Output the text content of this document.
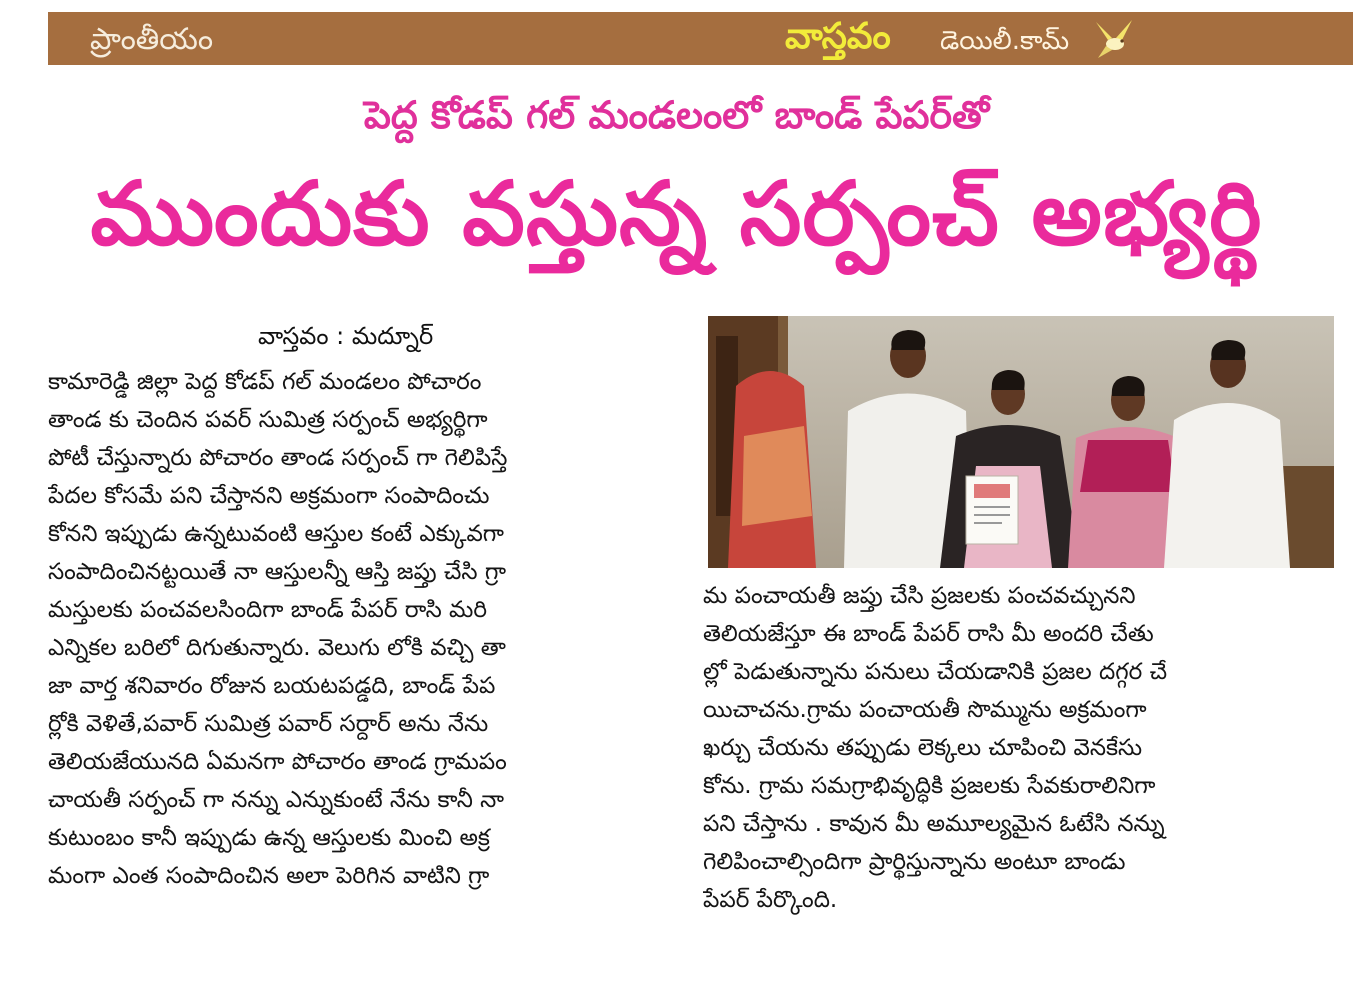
ప్రాంతీయం	వాస్తవం డెయిలీ.కామ్
పెద్ద కోడప్ గల్ మండలంలో బాండ్ పేపర్‌తో
ముందుకు వస్తున్న సర్పంచ్ అభ్యర్థి
వాస్తవం : మద్నూర్
కామారెడ్డి జిల్లా పెద్ద కోడప్ గల్ మండలం పోచారం
తాండ కు చెందిన పవర్ సుమిత్ర సర్పంచ్ అభ్యర్థిగా
పోటీ చేస్తున్నారు పోచారం తాండ సర్పంచ్ గా గెలిపిస్తే
పేదల కోసమే పని చేస్తానని అక్రమంగా సంపాదించు
కోనని ఇప్పుడు ఉన్నటువంటి ఆస్తుల కంటే ఎక్కువగా
సంపాదించినట్టయితే నా ఆస్తులన్నీ ఆస్తి జప్తు చేసి గ్రా
మస్తులకు పంచవలసిందిగా బాండ్ పేపర్ రాసి మరి
ఎన్నికల బరిలో దిగుతున్నారు. వెలుగు లోకి వచ్చి తా
జా వార్త శనివారం రోజున బయటపడ్డది, బాండ్ పేప
ర్లోకి వెళితే,పవార్ సుమిత్ర పవార్ సర్దార్ అను నేను
తెలియజేయునది ఏమనగా పోచారం తాండ గ్రామపం
చాయతీ సర్పంచ్ గా నన్ను ఎన్నుకుంటే నేను కానీ నా
కుటుంబం కానీ ఇప్పుడు ఉన్న ఆస్తులకు మించి అక్ర
మంగా ఎంత సంపాదించిన అలా పెరిగిన వాటిని గ్రా
మ పంచాయతీ జప్తు చేసి ప్రజలకు పంచవచ్చునని
తెలియజేస్తూ ఈ బాండ్ పేపర్ రాసి మీ అందరి చేతు
ల్లో పెడుతున్నాను పనులు చేయడానికి ప్రజల దగ్గర చే
యిచాచను.గ్రామ పంచాయతీ సొమ్మును అక్రమంగా
ఖర్చు చేయను తప్పుడు లెక్కలు చూపించి వెనకేసు
కోను. గ్రామ సమగ్రాభివృద్ధికి ప్రజలకు సేవకురాలినిగా
పని చేస్తాను . కావున మీ అమూల్యమైన ఓటేసి నన్ను
గెలిపించాల్సిందిగా ప్రార్థిస్తున్నాను అంటూ బాండు
పేపర్ పేర్కొంది.
